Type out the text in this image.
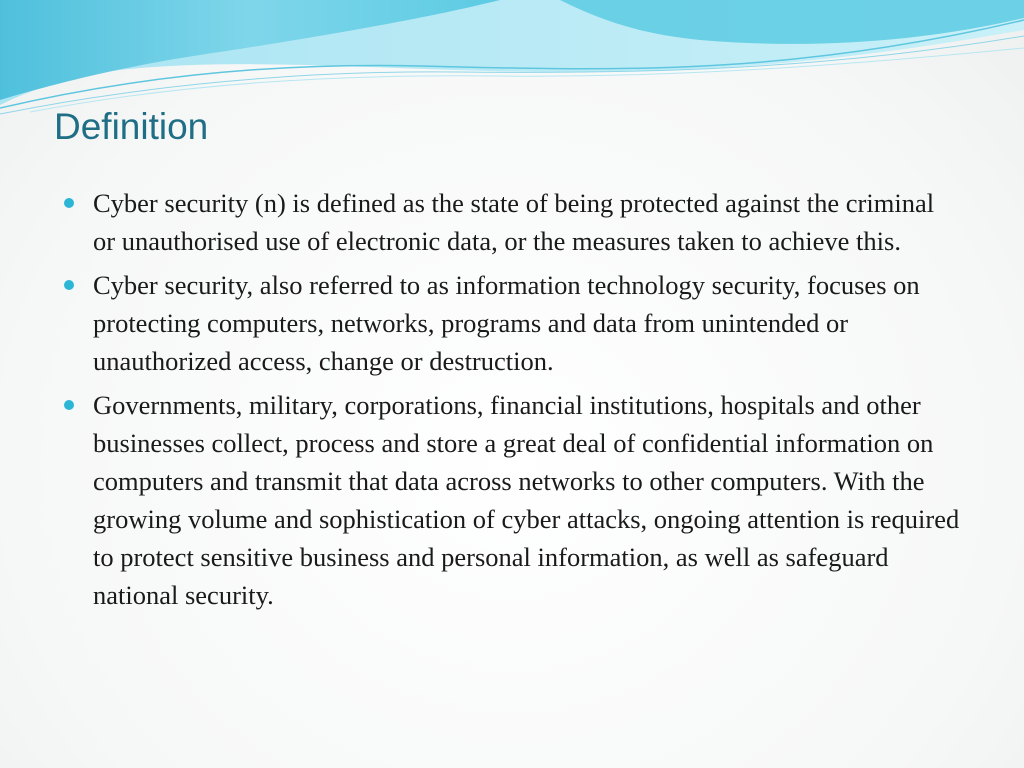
Definition
Cyber security (n) is defined as the state of being protected against the criminal or unauthorised use of electronic data, or the measures taken to achieve this.
Cyber security, also referred to as information technology security, focuses on protecting computers, networks, programs and data from unintended or unauthorized access, change or destruction.
Governments, military, corporations, financial institutions, hospitals and other businesses collect, process and store a great deal of confidential information on computers and transmit that data across networks to other computers. With the growing volume and sophistication of cyber attacks, ongoing attention is required to protect sensitive business and personal information, as well as safeguard national security.
